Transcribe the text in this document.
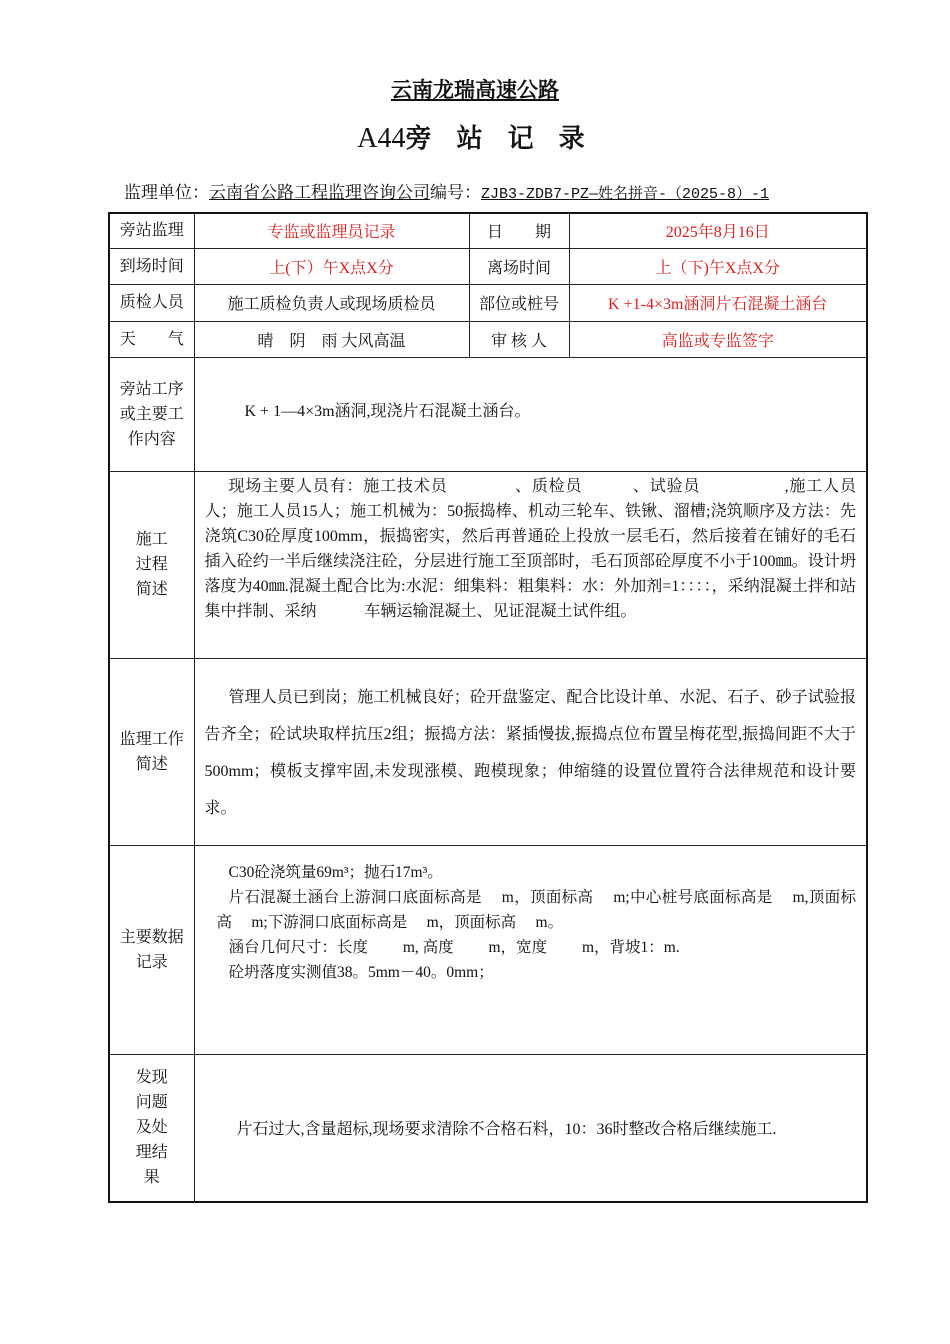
云南龙瑞高速公路
A44旁 站 记 录
监理单位：云南省公路工程监理咨询公司编号：ZJB3-ZDB7-PZ—姓名拼音-（2025-8）-1
旁站监理	专监或监理员记录	日　　期	2025年8月16日
到场时间	上(下）午X点X分	离场时间	上（下)午X点X分
质检人员	施工质检负责人或现场质检员	部位或桩号	K +1-4×3m涵洞片石混凝土涵台
天　　气	晴　阴　雨 大风高温	审 核 人	高监或专监签字
旁站工序或主要工作内容	K + 1—4×3m涵洞,现浇片石混凝土涵台。		
施工过程简述	现场主要人员有：施工技术员　　　　、质检员　　　、试验员　　　　　,施工人员人；施工人员15人；施工机械为：50振捣棒、机动三轮车、铁锹、溜槽;浇筑顺序及方法：先浇筑C30砼厚度100mm，振捣密实，然后再普通砼上投放一层毛石，然后接着在铺好的毛石插入砼约一半后继续浇注砼，分层进行施工至顶部时，毛石顶部砼厚度不小于100㎜。设计坍落度为40㎜.混凝土配合比为:水泥：细集料：粗集料：水：外加剂=1：：：：，采纳混凝土拌和站集中拌制、采纳　　　车辆运输混凝土、见证混凝土试件组。		

监理工作简述	管理人员已到岗；施工机械良好；砼开盘鉴定、配合比设计单、水泥、石子、砂子试验报告齐全；砼试块取样抗压2组；振捣方法：紧插慢拔,振捣点位布置呈梅花型,振捣间距不大于500mm；模板支撑牢固,未发现涨模、跑模现象；伸缩缝的设置位置符合法律规范和设计要求。		

主要数据记录	C30砼浇筑量69m³；抛石17m³。
片石混凝土涵台上游洞口底面标高是　 m，顶面标高　 m;中心桩号底面标高是　 m,顶面标高　 m;下游洞口底面标高是　 m，顶面标高　 m。
涵台几何尺寸：长度　　 m, 高度　　 m，宽度　　 m，背坡1：m.
砼坍落度实测值38。5mm－40。0mm；		

发现问题及处理结果	片石过大,含量超标,现场要求清除不合格石料，10：36时整改合格后继续施工.		
